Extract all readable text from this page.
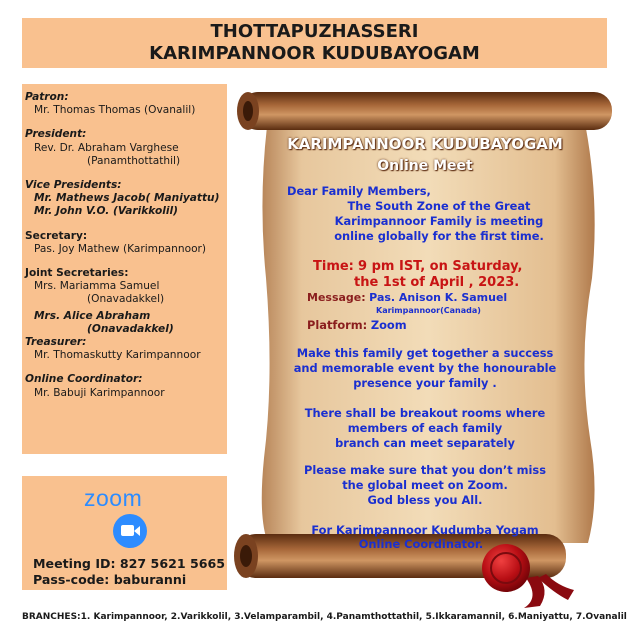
THOTTAPUZHASSERI
KARIMPANNOOR KUDUBAYOGAM
Patron:
Mr. Thomas Thomas (Ovanalil)
President:
Rev. Dr. Abraham Varghese
(Panamthottathil)
Vice Presidents:
Mr. Mathews Jacob( Maniyattu)
Mr. John V.O. (Varikkolil)
Secretary:
Pas. Joy Mathew (Karimpannoor)
Joint Secretaries:
Mrs. Mariamma Samuel
(Onavadakkel)
Mrs. Alice Abraham
(Onavadakkel)
Treasurer:
Mr. Thomaskutty Karimpannoor
Online Coordinator:
Mr. Babuji Karimpannoor
zoom
Meeting ID: 827 5621 5665
Pass-code: baburanni
KARIMPANNOOR KUDUBAYOGAM
Online Meet
Dear Family Members,
The South Zone of the Great
Karimpannoor Family is meeting
online globally for the first time.
Time: 9 pm IST, on Saturday,
the 1st of April , 2023.
Message: Pas. Anison K. Samuel
Karimpannoor(Canada)
Platform: Zoom
Make this family get together a success
and memorable event by the honourable
presence your family .
There shall be breakout rooms where
members of each family
branch can meet separately
Please make sure that you don’t miss
the global meet on Zoom.
God bless you All.
For Karimpannoor Kudumba Yogam
Online Coordinator.
BRANCHES:1. Karimpannoor, 2.Varikkolil, 3.Velamparambil, 4.Panamthottathil, 5.Ikkaramannil, 6.Maniyattu, 7.Ovanalil
